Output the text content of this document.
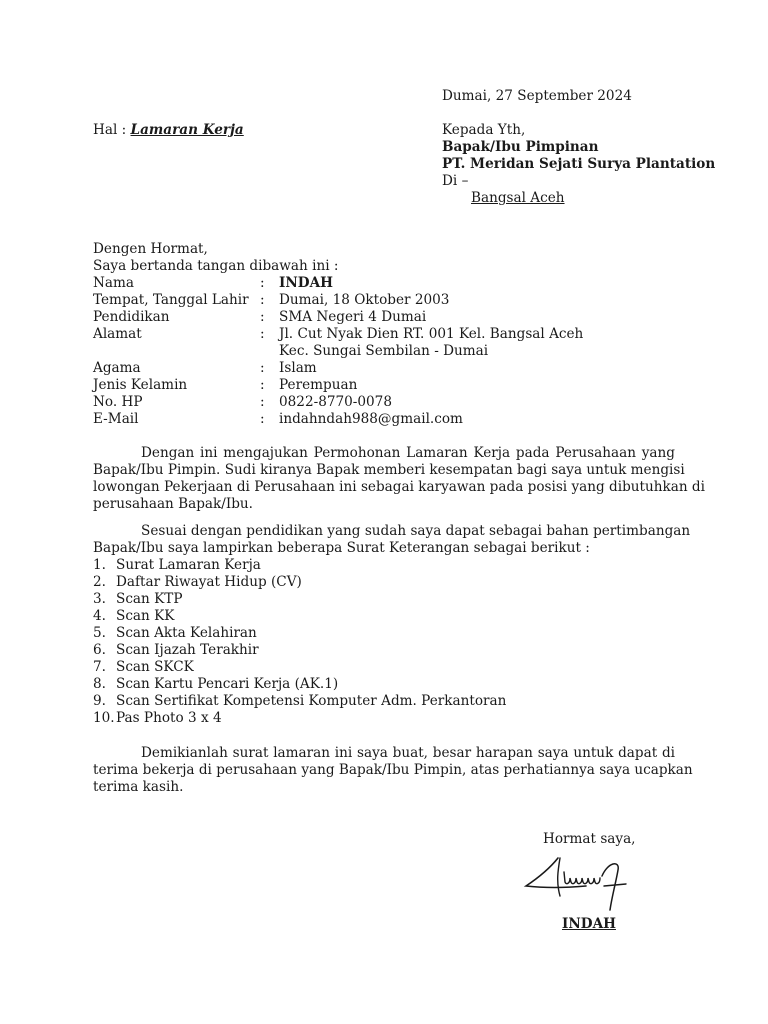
Dumai, 27 September 2024
Hal : Lamaran Kerja	Kepada Yth,
Bapak/Ibu Pimpinan
PT. Meridan Sejati Surya Plantation
Di –
Bangsal Aceh
Dengen Hormat,
Saya bertanda tangan dibawah ini :
Nama	: INDAH
Tempat, Tanggal Lahir : Dumai, 18 Oktober 2003
Pendidikan	: SMA Negeri 4 Dumai
Alamat	: Jl. Cut Nyak Dien RT. 001 Kel. Bangsal Aceh
Kec. Sungai Sembilan - Dumai
Agama	: Islam
Jenis Kelamin	: Perempuan
No. HP	: 0822-8770-0078
E-Mail	: indahndah988@gmail.com
Dengan ini mengajukan Permohonan Lamaran Kerja pada Perusahaan yang
Bapak/Ibu Pimpin. Sudi kiranya Bapak memberi kesempatan bagi saya untuk mengisi
lowongan Pekerjaan di Perusahaan ini sebagai karyawan pada posisi yang dibutuhkan di
perusahaan Bapak/Ibu.
Sesuai dengan pendidikan yang sudah saya dapat sebagai bahan pertimbangan
Bapak/Ibu saya lampirkan beberapa Surat Keterangan sebagai berikut :
1. Surat Lamaran Kerja
2. Daftar Riwayat Hidup (CV)
3. Scan KTP
4. Scan KK
5. Scan Akta Kelahiran
6. Scan Ijazah Terakhir
7. Scan SKCK
8. Scan Kartu Pencari Kerja (AK.1)
9. Scan Sertifikat Kompetensi Komputer Adm. Perkantoran
10. Pas Photo 3 x 4
Demikianlah surat lamaran ini saya buat, besar harapan saya untuk dapat di
terima bekerja di perusahaan yang Bapak/Ibu Pimpin, atas perhatiannya saya ucapkan
terima kasih.
Hormat saya,
INDAH
